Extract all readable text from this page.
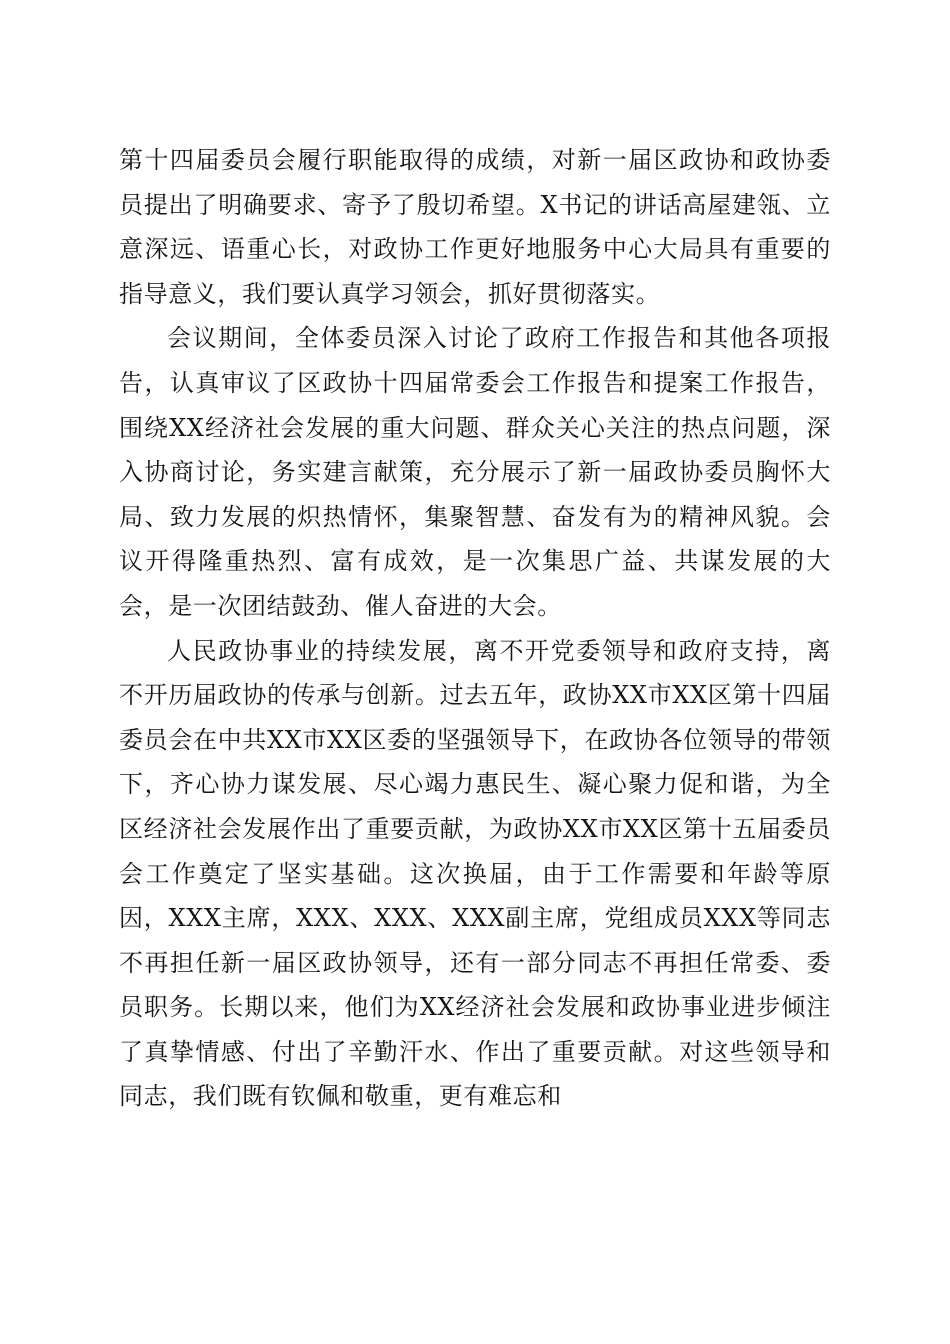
第十四届委员会履行职能取得的成绩，对新一届区政协和政协委员提出了明确要求、寄予了殷切希望。X书记的讲话高屋建瓴、立意深远、语重心长，对政协工作更好地服务中心大局具有重要的指导意义，我们要认真学习领会，抓好贯彻落实。

会议期间，全体委员深入讨论了政府工作报告和其他各项报告，认真审议了区政协十四届常委会工作报告和提案工作报告，围绕XX经济社会发展的重大问题、群众关心关注的热点问题，深入协商讨论，务实建言献策，充分展示了新一届政协委员胸怀大局、致力发展的炽热情怀，集聚智慧、奋发有为的精神风貌。会议开得隆重热烈、富有成效，是一次集思广益、共谋发展的大会，是一次团结鼓劲、催人奋进的大会。

人民政协事业的持续发展，离不开党委领导和政府支持，离不开历届政协的传承与创新。过去五年，政协XX市XX区第十四届委员会在中共XX市XX区委的坚强领导下，在政协各位领导的带领下，齐心协力谋发展、尽心竭力惠民生、凝心聚力促和谐，为全区经济社会发展作出了重要贡献，为政协XX市XX区第十五届委员会工作奠定了坚实基础。这次换届，由于工作需要和年龄等原因，XXX主席，XXX、XXX、XXX副主席，党组成员XXX等同志不再担任新一届区政协领导，还有一部分同志不再担任常委、委员职务。长期以来，他们为XX经济社会发展和政协事业进步倾注了真挚情感、付出了辛勤汗水、作出了重要贡献。对这些领导和同志，我们既有钦佩和敬重，更有难忘和
